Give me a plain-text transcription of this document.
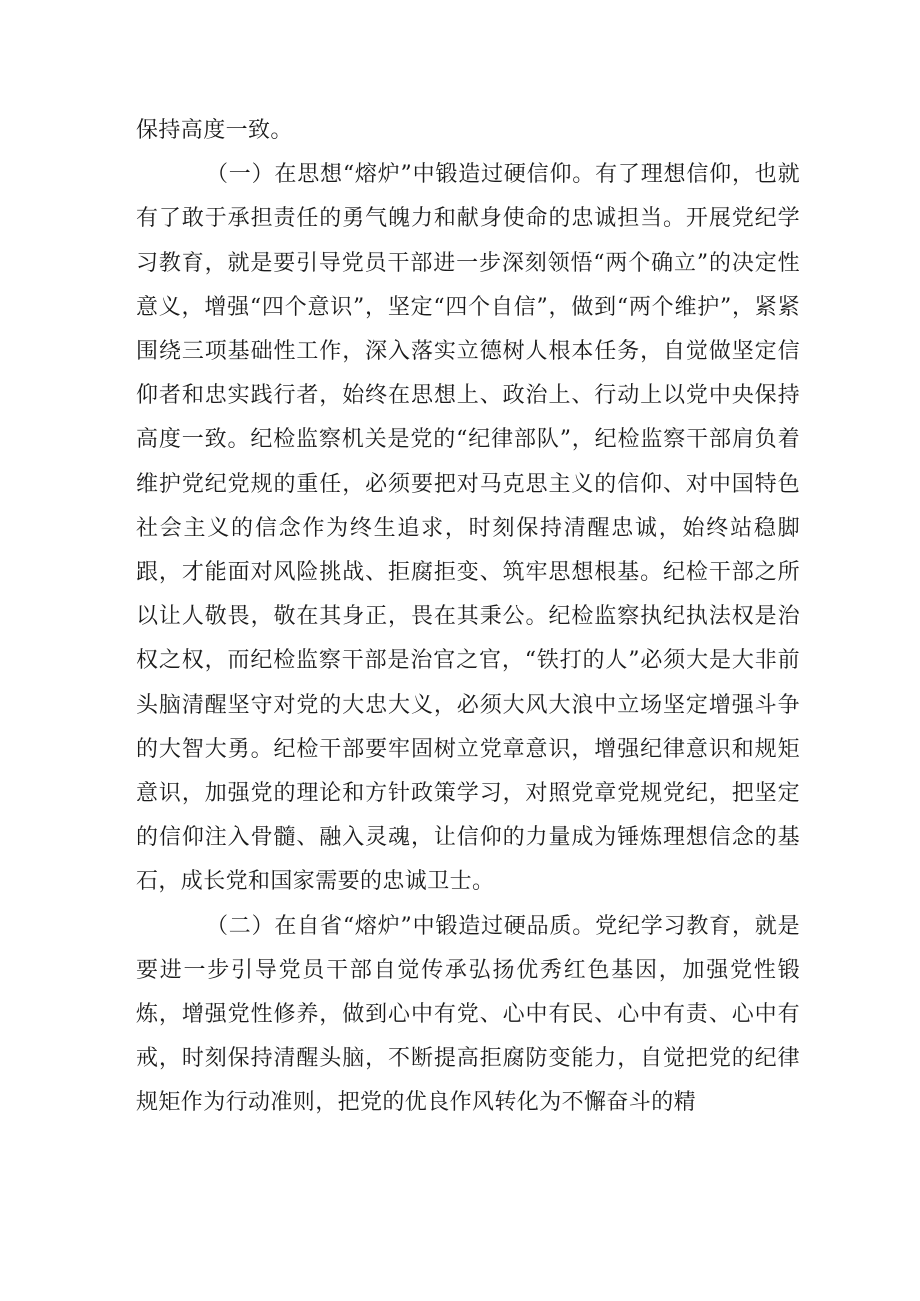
保持高度一致。

（一）在思想“熔炉”中锻造过硬信仰。有了理想信仰，也就有了敢于承担责任的勇气魄力和献身使命的忠诚担当。开展党纪学习教育，就是要引导党员干部进一步深刻领悟“两个确立”的决定性意义，增强“四个意识”，坚定“四个自信”，做到“两个维护”，紧紧围绕三项基础性工作，深入落实立德树人根本任务，自觉做坚定信仰者和忠实践行者，始终在思想上、政治上、行动上以党中央保持高度一致。纪检监察机关是党的“纪律部队”，纪检监察干部肩负着维护党纪党规的重任，必须要把对马克思主义的信仰、对中国特色社会主义的信念作为终生追求，时刻保持清醒忠诚，始终站稳脚跟，才能面对风险挑战、拒腐拒变、筑牢思想根基。纪检干部之所以让人敬畏，敬在其身正，畏在其秉公。纪检监察执纪执法权是治权之权，而纪检监察干部是治官之官，“铁打的人”必须大是大非前头脑清醒坚守对党的大忠大义，必须大风大浪中立场坚定增强斗争的大智大勇。纪检干部要牢固树立党章意识，增强纪律意识和规矩意识，加强党的理论和方针政策学习，对照党章党规党纪，把坚定的信仰注入骨髓、融入灵魂，让信仰的力量成为锤炼理想信念的基石，成长党和国家需要的忠诚卫士。

（二）在自省“熔炉”中锻造过硬品质。党纪学习教育，就是要进一步引导党员干部自觉传承弘扬优秀红色基因，加强党性锻炼，增强党性修养，做到心中有党、心中有民、心中有责、心中有戒，时刻保持清醒头脑，不断提高拒腐防变能力，自觉把党的纪律规矩作为行动准则，把党的优良作风转化为不懈奋斗的精
